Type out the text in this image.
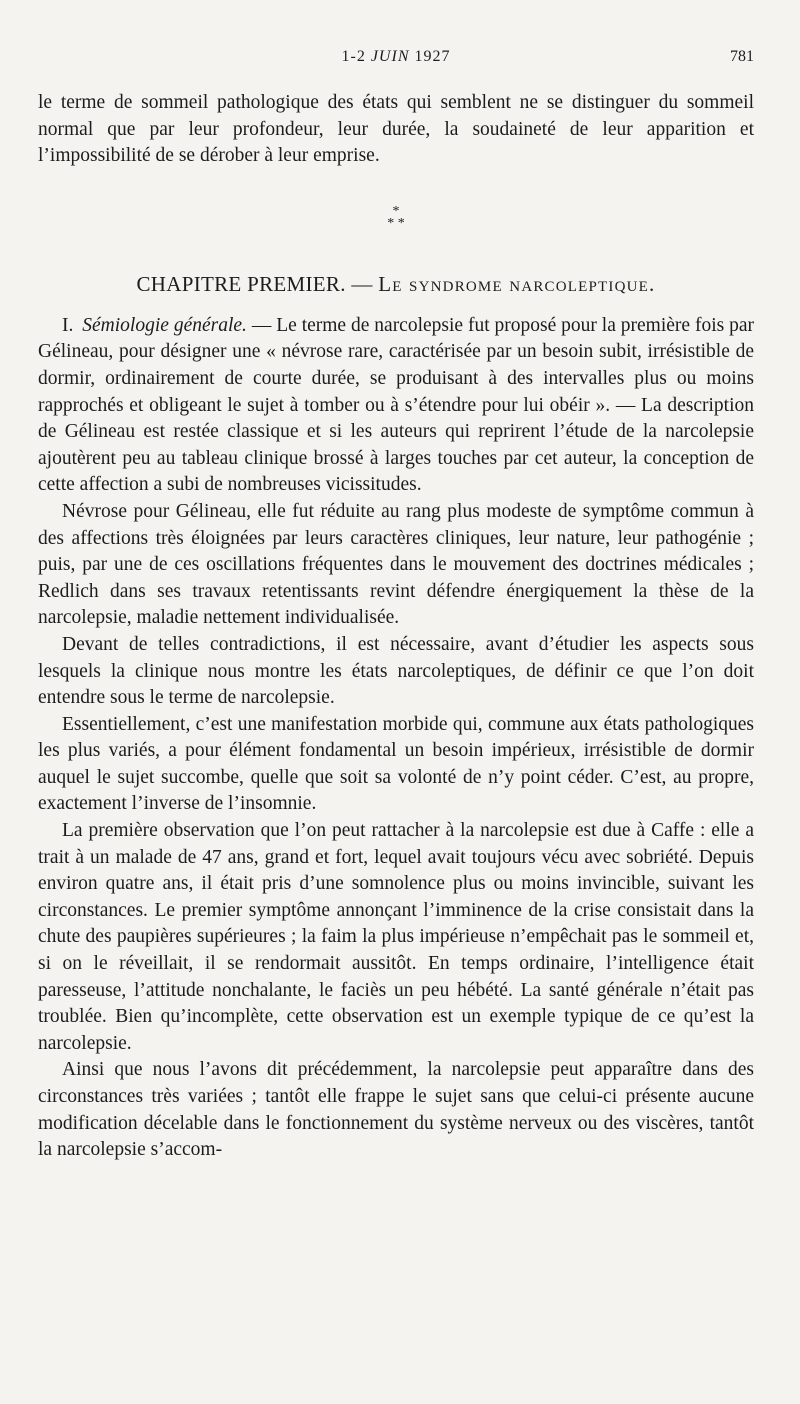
1-2 JUIN 1927	781

le terme de sommeil pathologique des états qui semblent ne se distinguer du sommeil normal que par leur profondeur, leur durée, la soudaineté de leur apparition et l’impossibilité de se dérober à leur emprise.

*
* *
CHAPITRE PREMIER. — Le syndrome narcoleptique.

I. Sémiologie générale. — Le terme de narcolepsie fut proposé pour la première fois par Gélineau, pour désigner une « névrose rare, caractérisée par un besoin subit, irrésistible de dormir, ordinairement de courte durée, se produisant à des intervalles plus ou moins rapprochés et obligeant le sujet à tomber ou à s’étendre pour lui obéir ». — La description de Gélineau est restée classique et si les auteurs qui reprirent l’étude de la narcolepsie ajoutèrent peu au tableau clinique brossé à larges touches par cet auteur, la conception de cette affection a subi de nombreuses vicissitudes.

Névrose pour Gélineau, elle fut réduite au rang plus modeste de symptôme commun à des affections très éloignées par leurs caractères cliniques, leur nature, leur pathogénie ; puis, par une de ces oscillations fréquentes dans le mouvement des doctrines médicales ; Redlich dans ses travaux retentissants revint défendre énergiquement la thèse de la narcolepsie, maladie nettement individualisée.

Devant de telles contradictions, il est nécessaire, avant d’étudier les aspects sous lesquels la clinique nous montre les états narcoleptiques, de définir ce que l’on doit entendre sous le terme de narcolepsie.

Essentiellement, c’est une manifestation morbide qui, commune aux états pathologiques les plus variés, a pour élément fondamental un besoin impérieux, irrésistible de dormir auquel le sujet succombe, quelle que soit sa volonté de n’y point céder. C’est, au propre, exactement l’inverse de l’insomnie.

La première observation que l’on peut rattacher à la narcolepsie est due à Caffe : elle a trait à un malade de 47 ans, grand et fort, lequel avait toujours vécu avec sobriété. Depuis environ quatre ans, il était pris d’une somnolence plus ou moins invincible, suivant les circonstances. Le premier symptôme annonçant l’imminence de la crise consistait dans la chute des paupières supérieures ; la faim la plus impérieuse n’empêchait pas le sommeil et, si on le réveillait, il se rendormait aussitôt. En temps ordinaire, l’intelligence était paresseuse, l’attitude nonchalante, le faciès un peu hébété. La santé générale n’était pas troublée. Bien qu’incomplète, cette observation est un exemple typique de ce qu’est la narcolepsie.

Ainsi que nous l’avons dit précédemment, la narcolepsie peut apparaître dans des circonstances très variées ; tantôt elle frappe le sujet sans que celui-ci présente aucune modification décelable dans le fonctionnement du système nerveux ou des viscères, tantôt la narcolepsie s’accom-
